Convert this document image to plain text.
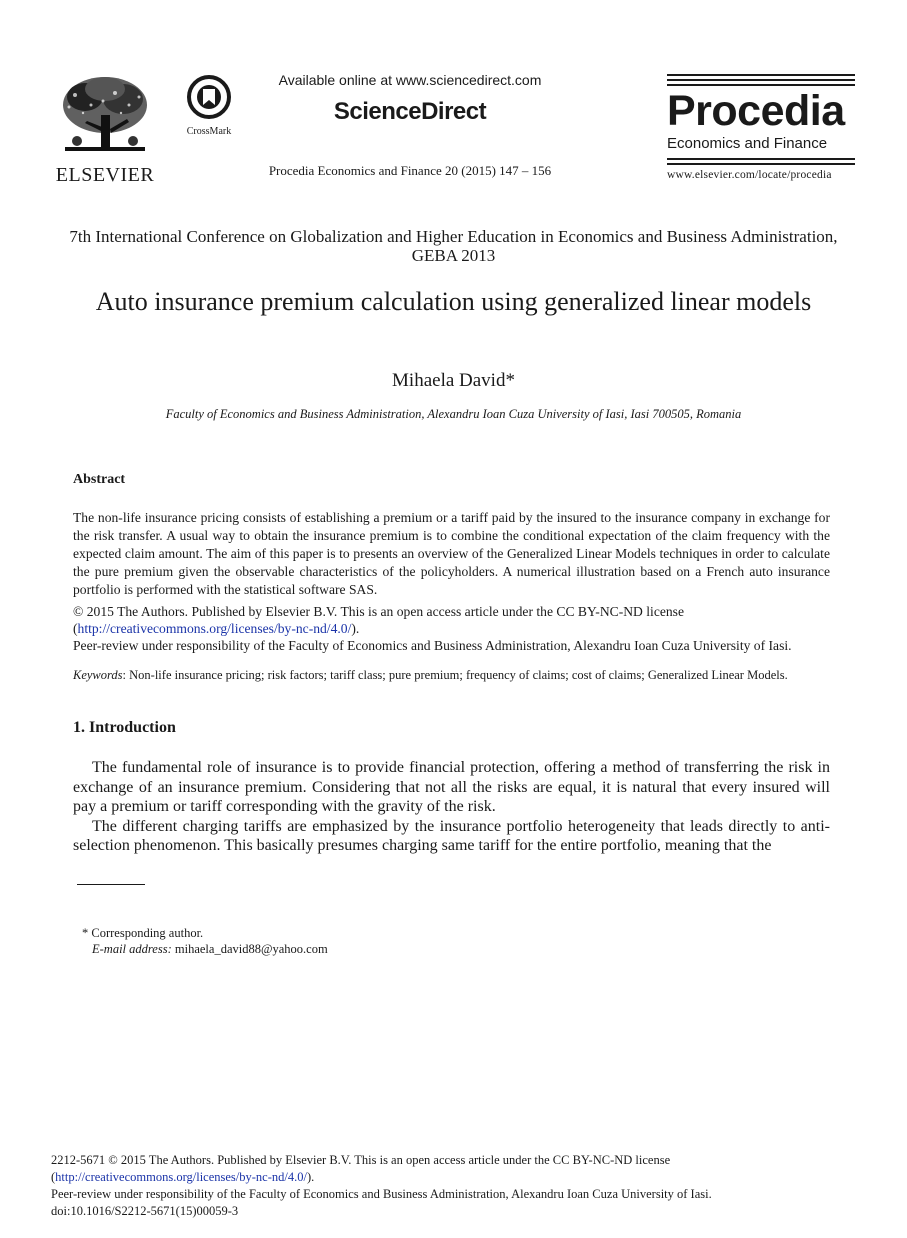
ELSEVIER
CrossMark
Available online at www.sciencedirect.com
ScienceDirect
Procedia Economics and Finance 20 (2015) 147 – 156
Procedia
Economics and Finance
www.elsevier.com/locate/procedia
7th International Conference on Globalization and Higher Education in Economics and Business Administration, GEBA 2013
Auto insurance premium calculation using generalized linear models
Mihaela David*
Faculty of Economics and Business Administration, Alexandru Ioan Cuza University of Iasi, Iasi 700505, Romania
Abstract
The non-life insurance pricing consists of establishing a premium or a tariff paid by the insured to the insurance company in exchange for the risk transfer. A usual way to obtain the insurance premium is to combine the conditional expectation of the claim frequency with the expected claim amount. The aim of this paper is to presents an overview of the Generalized Linear Models techniques in order to calculate the pure premium given the observable characteristics of the policyholders. A numerical illustration based on a French auto insurance portfolio is performed with the statistical software SAS.
© 2015 The Authors. Published by Elsevier B.V. This is an open access article under the CC BY-NC-ND license
(http://creativecommons.org/licenses/by-nc-nd/4.0/).
Peer-review under responsibility of the Faculty of Economics and Business Administration, Alexandru Ioan Cuza University of Iasi.
Keywords: Non-life insurance pricing; risk factors; tariff class; pure premium; frequency of claims; cost of claims; Generalized Linear Models.
1. Introduction

The fundamental role of insurance is to provide financial protection, offering a method of transferring the risk in exchange of an insurance premium. Considering that not all the risks are equal, it is natural that every insured will pay a premium or tariff corresponding with the gravity of the risk.

The different charging tariffs are emphasized by the insurance portfolio heterogeneity that leads directly to anti-selection phenomenon. This basically presumes charging same tariff for the entire portfolio, meaning that the

* Corresponding author.
E-mail address: mihaela_david88@yahoo.com
2212-5671 © 2015 The Authors. Published by Elsevier B.V. This is an open access article under the CC BY-NC-ND license
(http://creativecommons.org/licenses/by-nc-nd/4.0/).
Peer-review under responsibility of the Faculty of Economics and Business Administration, Alexandru Ioan Cuza University of Iasi.
doi:10.1016/S2212-5671(15)00059-3
